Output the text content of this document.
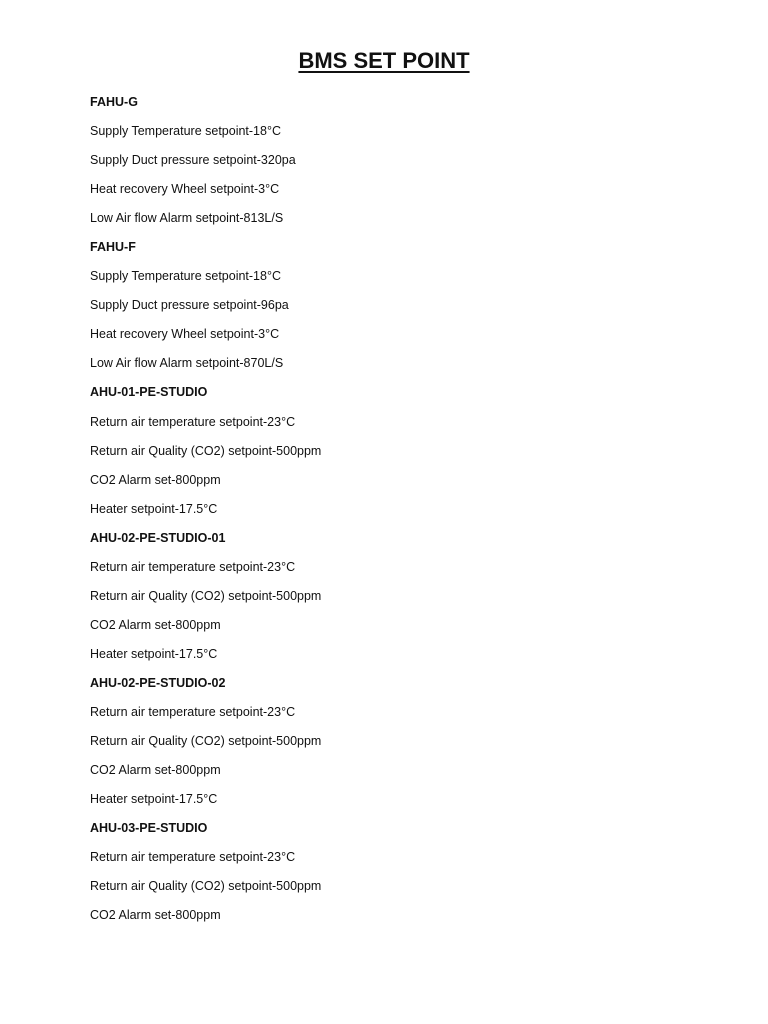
BMS SET POINT
FAHU-G
Supply Temperature setpoint-18°C
Supply Duct pressure setpoint-320pa
Heat recovery Wheel setpoint-3°C
Low Air flow Alarm setpoint-813L/S
FAHU-F
Supply Temperature setpoint-18°C
Supply Duct pressure setpoint-96pa
Heat recovery Wheel setpoint-3°C
Low Air flow Alarm setpoint-870L/S
AHU-01-PE-STUDIO
Return air temperature setpoint-23°C
Return air Quality (CO2) setpoint-500ppm
CO2 Alarm set-800ppm
Heater setpoint-17.5°C
AHU-02-PE-STUDIO-01
Return air temperature setpoint-23°C
Return air Quality (CO2) setpoint-500ppm
CO2 Alarm set-800ppm
Heater setpoint-17.5°C
AHU-02-PE-STUDIO-02
Return air temperature setpoint-23°C
Return air Quality (CO2) setpoint-500ppm
CO2 Alarm set-800ppm
Heater setpoint-17.5°C
AHU-03-PE-STUDIO
Return air temperature setpoint-23°C
Return air Quality (CO2) setpoint-500ppm
CO2 Alarm set-800ppm
